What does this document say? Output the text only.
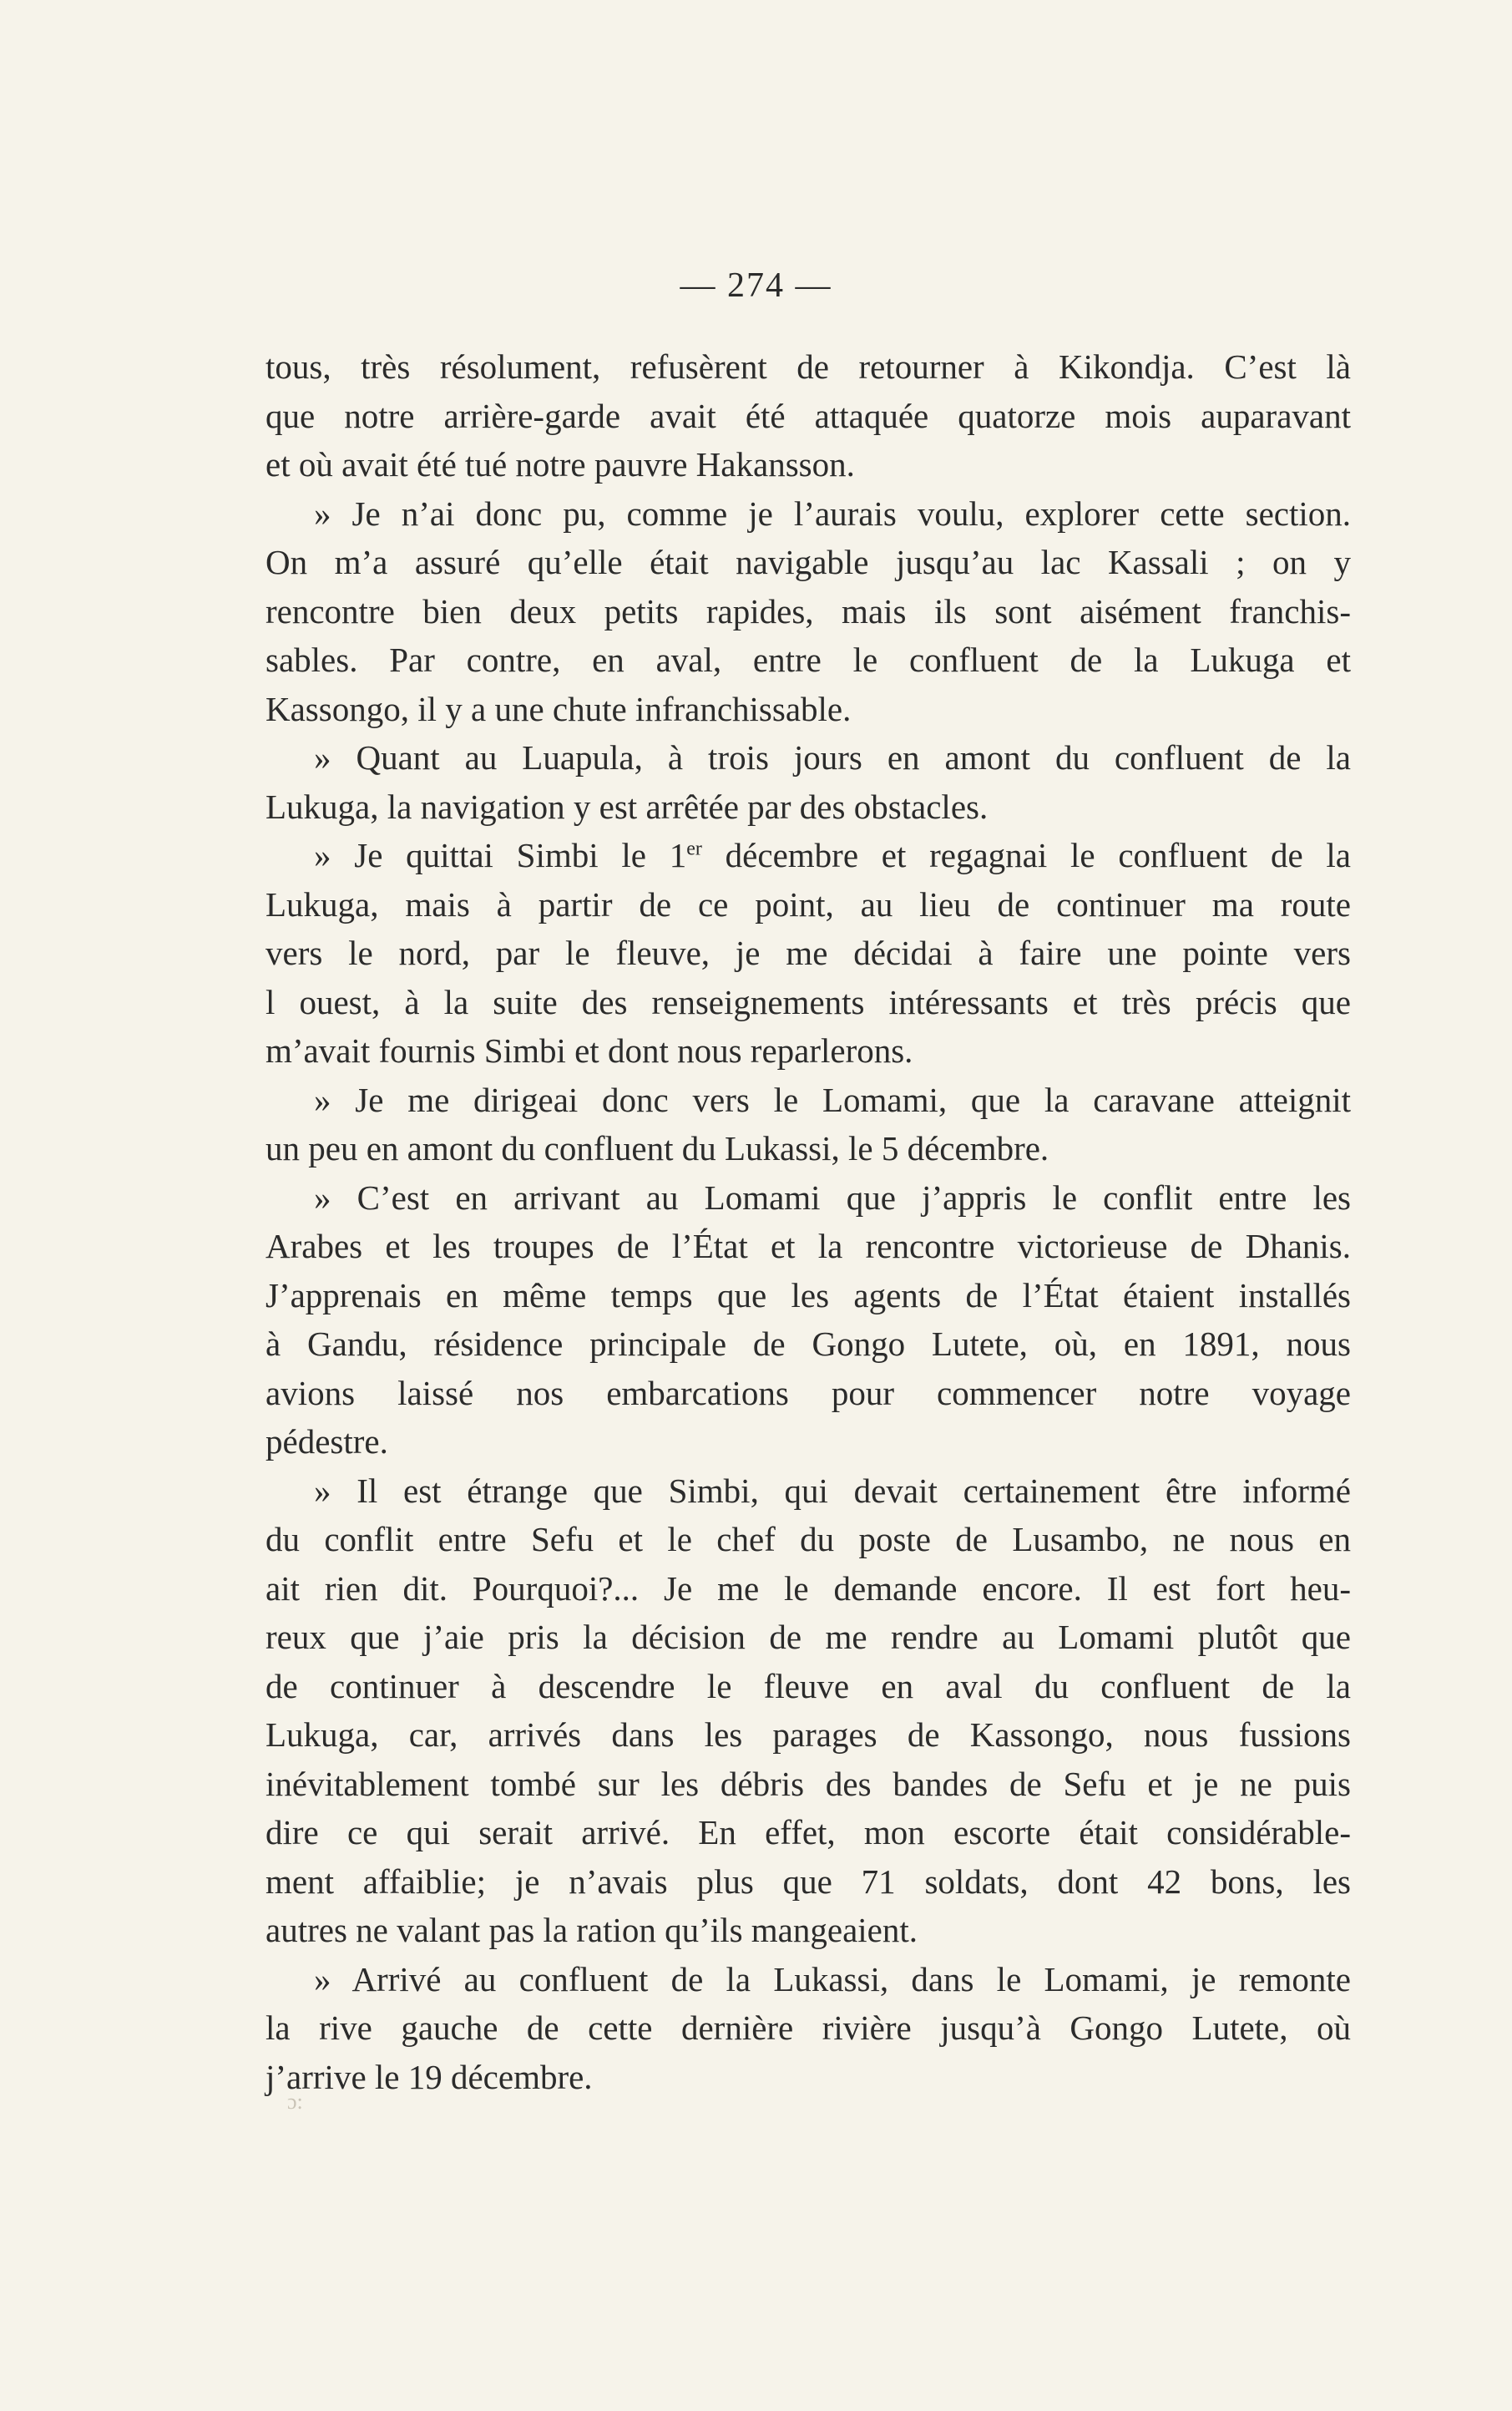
— 274 —
tous, très résolument, refusèrent de retourner à Kikondja. C’est là
que notre arrière-garde avait été attaquée quatorze mois auparavant
et où avait été tué notre pauvre Hakansson.
» Je n’ai donc pu, comme je l’aurais voulu, explorer cette section.
On m’a assuré qu’elle était navigable jusqu’au lac Kassali ; on y
rencontre bien deux petits rapides, mais ils sont aisément franchis-
sables. Par contre, en aval, entre le confluent de la Lukuga et
Kassongo, il y a une chute infranchissable.
» Quant au Luapula, à trois jours en amont du confluent de la
Lukuga, la navigation y est arrêtée par des obstacles.
» Je quittai Simbi le 1er décembre et regagnai le confluent de la
Lukuga, mais à partir de ce point, au lieu de continuer ma route
vers le nord, par le fleuve, je me décidai à faire une pointe vers
l ouest, à la suite des renseignements intéressants et très précis que
m’avait fournis Simbi et dont nous reparlerons.
» Je me dirigeai donc vers le Lomami, que la caravane atteignit
un peu en amont du confluent du Lukassi, le 5 décembre.
» C’est en arrivant au Lomami que j’appris le conflit entre les
Arabes et les troupes de l’État et la rencontre victorieuse de Dhanis.
J’apprenais en même temps que les agents de l’État étaient installés
à Gandu, résidence principale de Gongo Lutete, où, en 1891, nous
avions laissé nos embarcations pour commencer notre voyage
pédestre.
» Il est étrange que Simbi, qui devait certainement être informé
du conflit entre Sefu et le chef du poste de Lusambo, ne nous en
ait rien dit. Pourquoi?... Je me le demande encore. Il est fort heu-
reux que j’aie pris la décision de me rendre au Lomami plutôt que
de continuer à descendre le fleuve en aval du confluent de la
Lukuga, car, arrivés dans les parages de Kassongo, nous fussions
inévitablement tombé sur les débris des bandes de Sefu et je ne puis
dire ce qui serait arrivé. En effet, mon escorte était considérable-
ment affaiblie; je n’avais plus que 71 soldats, dont 42 bons, les
autres ne valant pas la ration qu’ils mangeaient.
» Arrivé au confluent de la Lukassi, dans le Lomami, je remonte
la rive gauche de cette dernière rivière jusqu’à Gongo Lutete, où
j’arrive le 19 décembre.
ɔ:
